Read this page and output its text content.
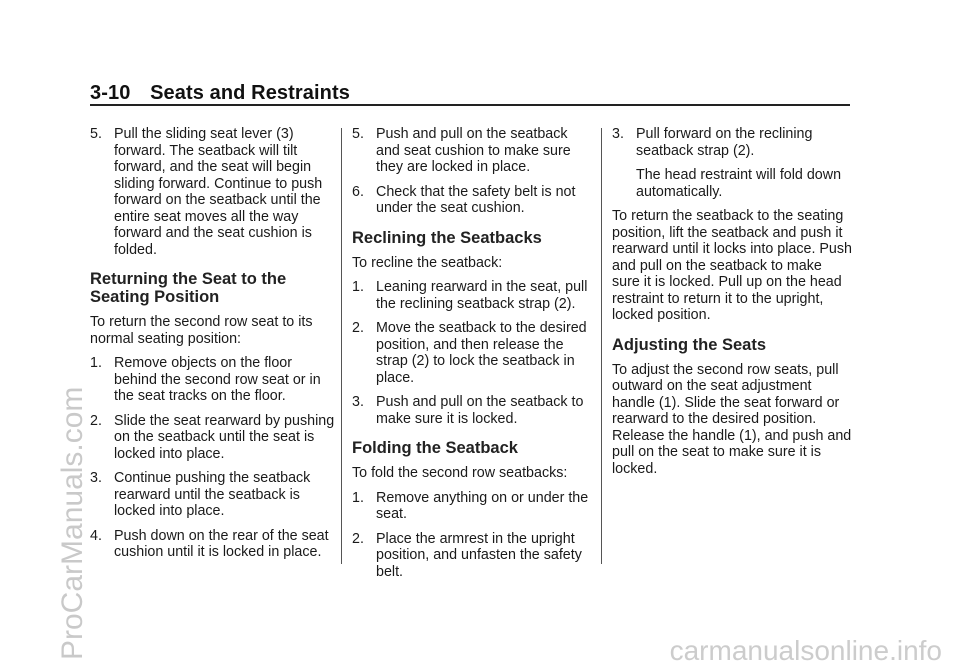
3-10 Seats and Restraints
5. Pull the sliding seat lever (3) forward. The seatback will tilt forward, and the seat will begin sliding forward. Continue to push forward on the seatback until the entire seat moves all the way forward and the seat cushion is folded.
Returning the Seat to the Seating Position

To return the second row seat to its normal seating position:

1. Remove objects on the floor behind the second row seat or in the seat tracks on the floor.
2. Slide the seat rearward by pushing on the seatback until the seat is locked into place.
3. Continue pushing the seatback rearward until the seatback is locked into place.
4. Push down on the rear of the seat cushion until it is locked in place.
5. Push and pull on the seatback and seat cushion to make sure they are locked in place.
6. Check that the safety belt is not under the seat cushion.
Reclining the Seatbacks

To recline the seatback:

1. Leaning rearward in the seat, pull the reclining seatback strap (2).
2. Move the seatback to the desired position, and then release the strap (2) to lock the seatback in place.
3. Push and pull on the seatback to make sure it is locked.
Folding the Seatback

To fold the second row seatbacks:

1. Remove anything on or under the seat.
2. Place the armrest in the upright position, and unfasten the safety belt.
3. Pull forward on the reclining seatback strap (2).

The head restraint will fold down automatically.

To return the seatback to the seating position, lift the seatback and push it rearward until it locks into place. Push and pull on the seatback to make sure it is locked. Pull up on the head restraint to return it to the upright, locked position.

Adjusting the Seats

To adjust the second row seats, pull outward on the seat adjustment handle (1). Slide the seat forward or rearward to the desired position. Release the handle (1), and push and pull on the seat to make sure it is locked.

ProCarManuals.com	carmanualsonline.info
